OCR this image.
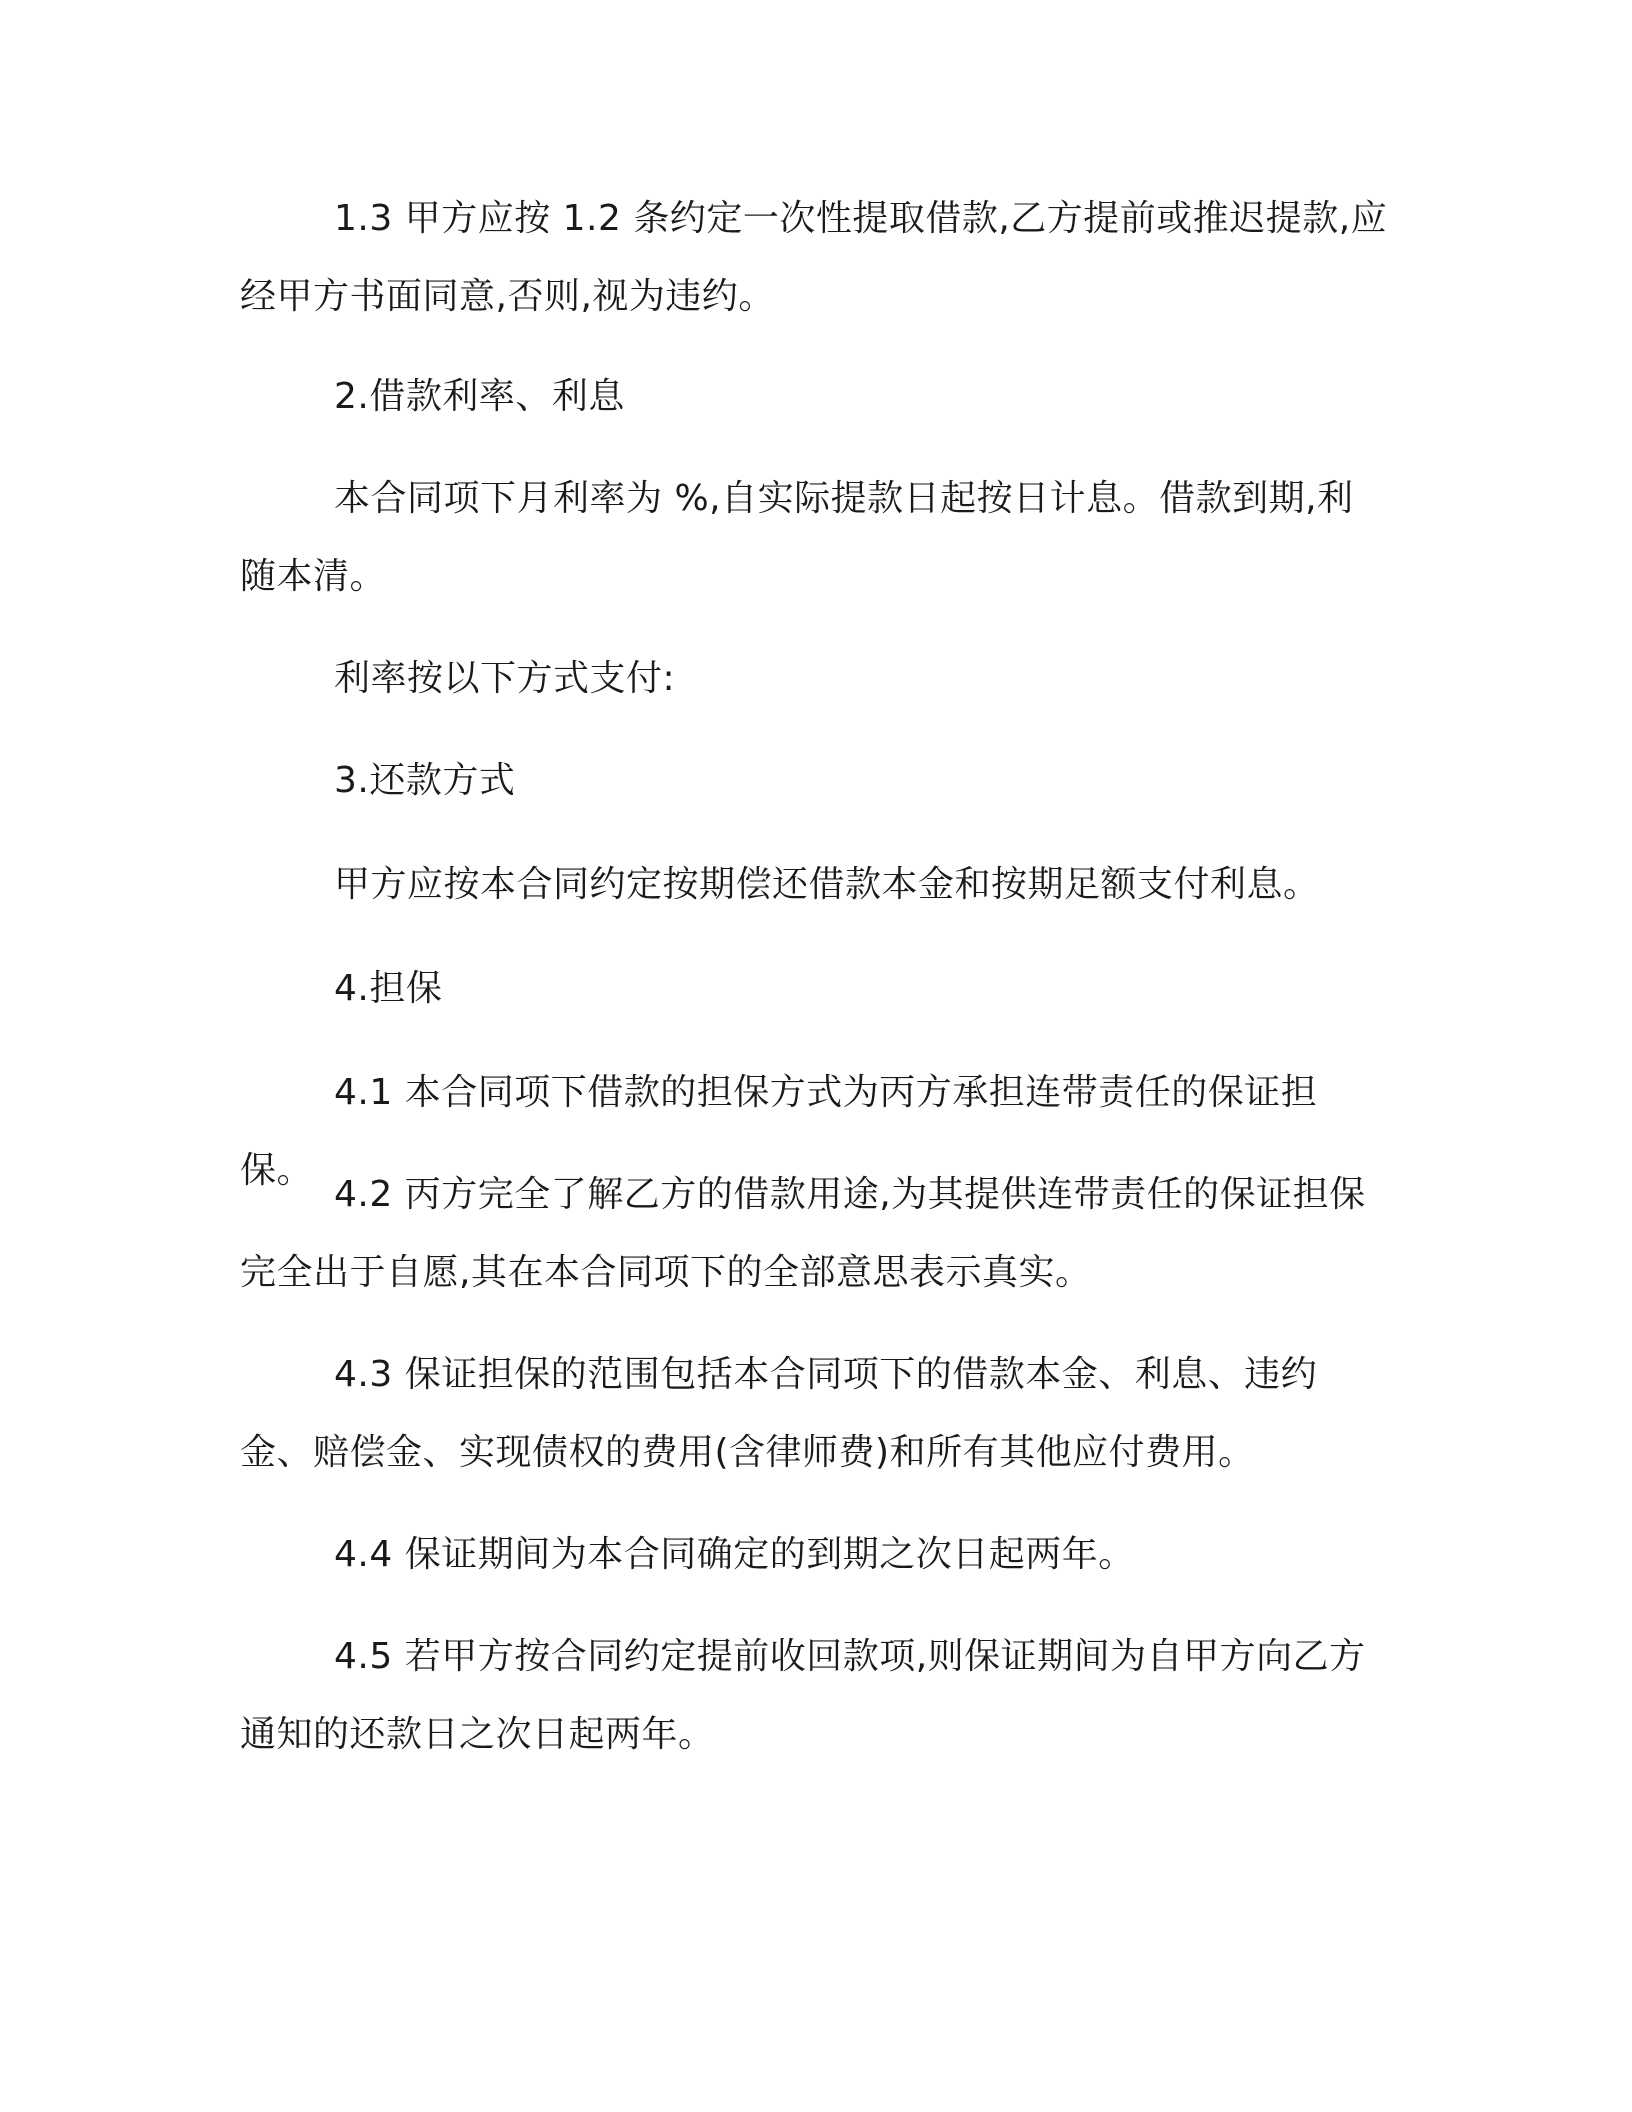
1.3 甲方应按 1.2 条约定一次性提取借款,乙方提前或推迟提款,应经甲方书面同意,否则,视为违约。

2.借款利率、利息

本合同项下月利率为 %,自实际提款日起按日计息。借款到期,利随本清。

利率按以下方式支付:

3.还款方式

甲方应按本合同约定按期偿还借款本金和按期足额支付利息。

4.担保

4.1 本合同项下借款的担保方式为丙方承担连带责任的保证担保。

4.2 丙方完全了解乙方的借款用途,为其提供连带责任的保证担保完全出于自愿,其在本合同项下的全部意思表示真实。

4.3 保证担保的范围包括本合同项下的借款本金、利息、违约金、赔偿金、实现债权的费用(含律师费)和所有其他应付费用。

4.4 保证期间为本合同确定的到期之次日起两年。

4.5 若甲方按合同约定提前收回款项,则保证期间为自甲方向乙方通知的还款日之次日起两年。
